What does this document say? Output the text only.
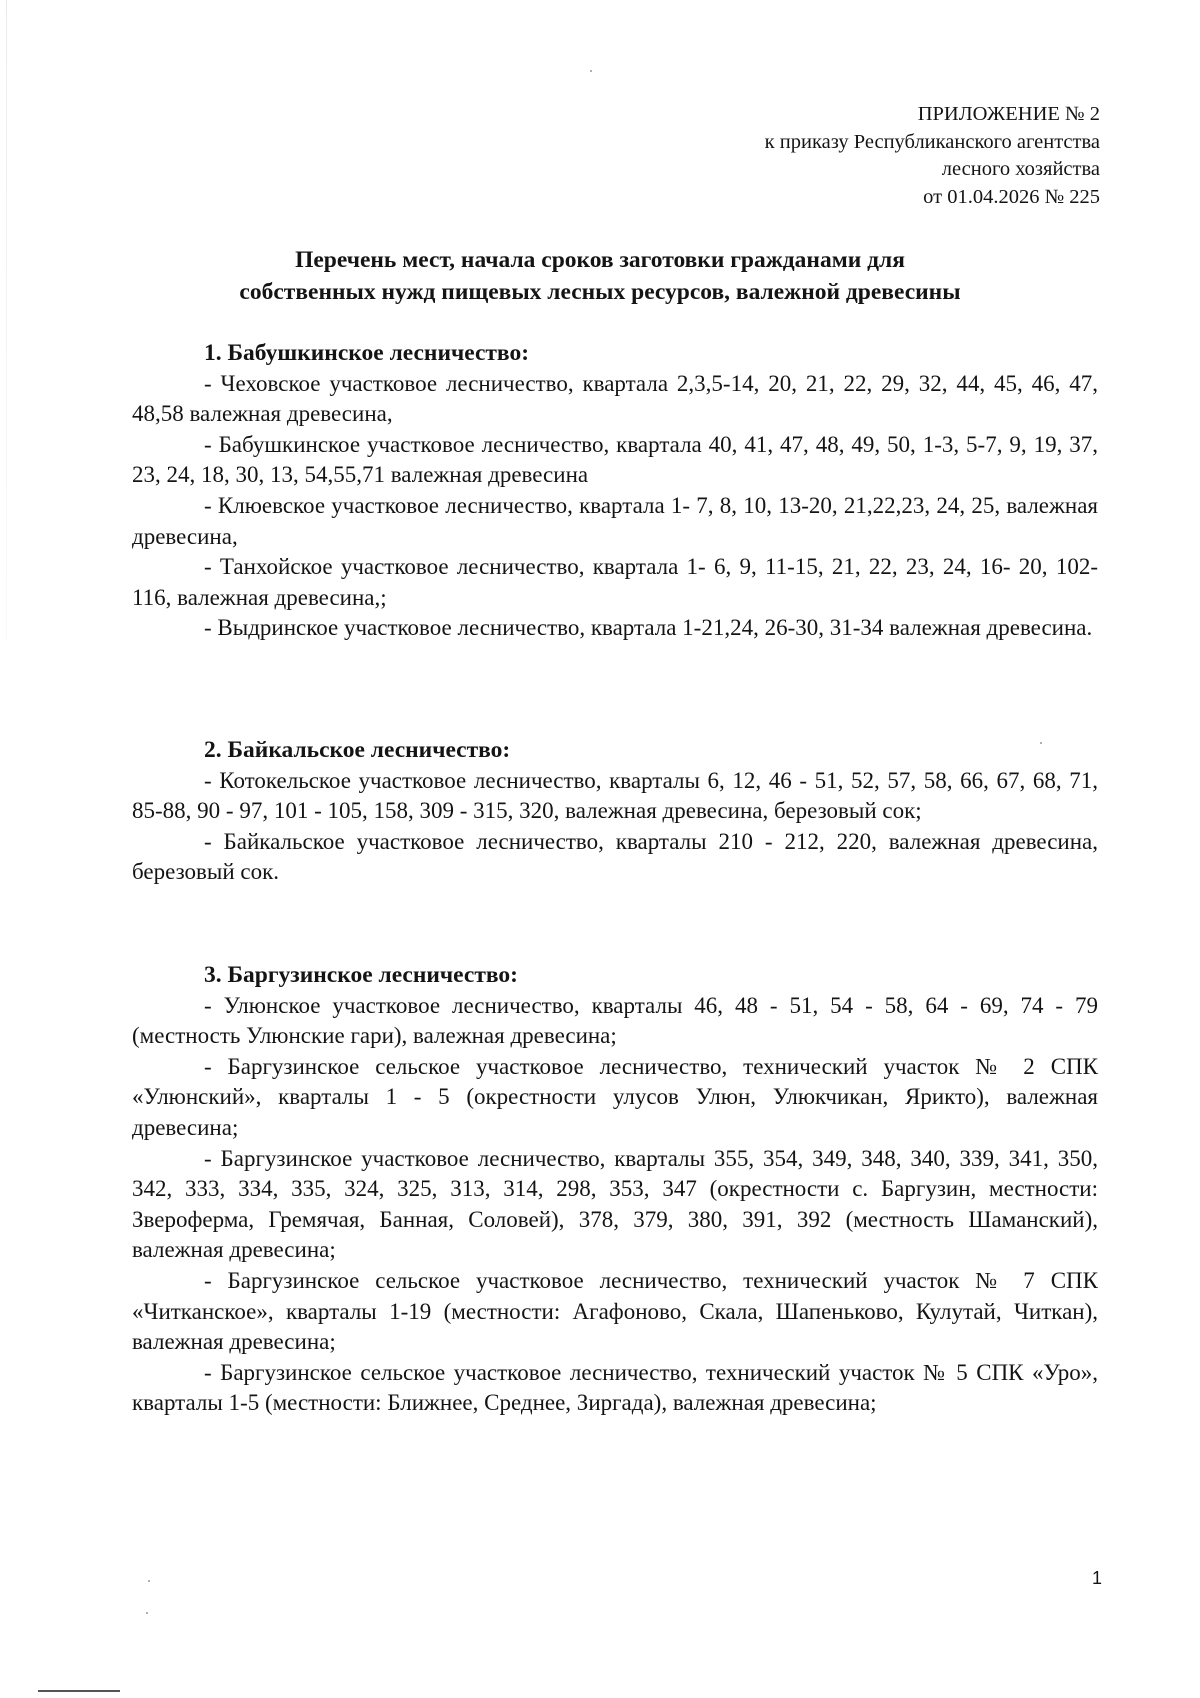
ПРИЛОЖЕНИЕ № 2
к приказу Республиканского агентства
лесного хозяйства
от 01.04.2026 № 225
Перечень мест, начала сроков заготовки гражданами для
собственных нужд пищевых лесных ресурсов, валежной древесины
1. Бабушкинское лесничество:

- Чеховское участковое лесничество, квартала 2,3,5-14, 20, 21, 22, 29, 32, 44, 45, 46, 47, 48,58 валежная древесина,

- Бабушкинское участковое лесничество, квартала 40, 41, 47, 48, 49, 50, 1-3, 5-7, 9, 19, 37, 23, 24, 18, 30, 13, 54,55,71 валежная древесина

- Клюевское участковое лесничество, квартала 1- 7, 8, 10, 13-20, 21,22,23, 24, 25, валежная древесина,

- Танхойское участковое лесничество, квартала 1- 6, 9, 11-15, 21, 22, 23, 24, 16- 20, 102-116, валежная древесина,;

- Выдринское участковое лесничество, квартала 1-21,24, 26-30, 31-34 валежная древесина.

2. Байкальское лесничество:

- Котокельское участковое лесничество, кварталы 6, 12, 46 - 51, 52, 57, 58, 66, 67, 68, 71, 85-88, 90 - 97, 101 - 105, 158, 309 - 315, 320, валежная древесина, березовый сок;

- Байкальское участковое лесничество, кварталы 210 - 212, 220, валежная древесина, березовый сок.

3. Баргузинское лесничество:

- Улюнское участковое лесничество, кварталы 46, 48 - 51, 54 - 58, 64 - 69, 74 - 79 (местность Улюнские гари), валежная древесина;

- Баргузинское сельское участковое лесничество, технический участок № 2 СПК «Улюнский», кварталы 1 - 5 (окрестности улусов Улюн, Улюкчикан, Ярикто), валежная древесина;

- Баргузинское участковое лесничество, кварталы 355, 354, 349, 348, 340, 339, 341, 350, 342, 333, 334, 335, 324, 325, 313, 314, 298, 353, 347 (окрестности с. Баргузин, местности: Звероферма, Гремячая, Банная, Соловей), 378, 379, 380, 391, 392 (местность Шаманский), валежная древесина;

- Баргузинское сельское участковое лесничество, технический участок № 7 СПК «Читканское», кварталы 1-19 (местности: Агафоново, Скала, Шапеньково, Кулутай, Читкан), валежная древесина;

- Баргузинское сельское участковое лесничество, технический участок № 5 СПК «Уро», кварталы 1-5 (местности: Ближнее, Среднее, Зиргада), валежная древесина;

1
